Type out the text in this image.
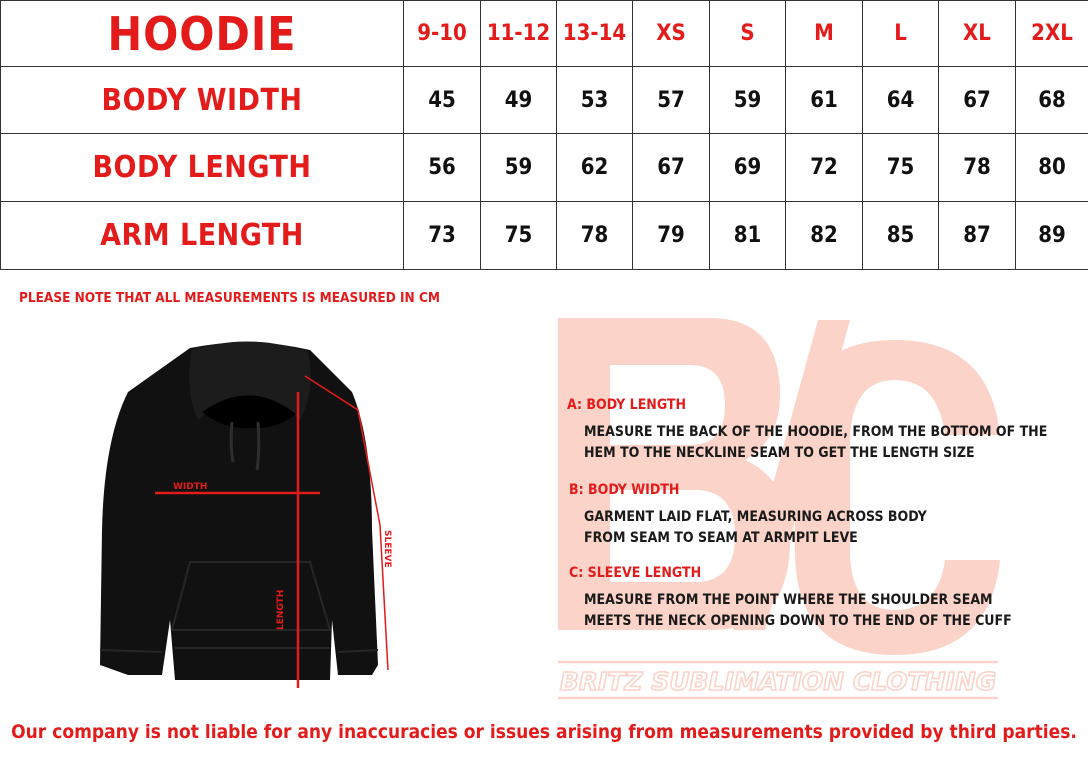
HOODIE	9-10	11-12	13-14	XS	S	M	L	XL	2XL
BODY WIDTH	45	49	53	57	59	61	64	67	68
BODY LENGTH	56	59	62	67	69	72	75	78	80
ARM LENGTH	73	75	78	79	81	82	85	87	89
PLEASE NOTE THAT ALL MEASUREMENTS IS MEASURED IN CM
WIDTH
LENGTH
SLEEVE
BRITZ SUBLIMATION CLOTHING
A: BODY LENGTH
MEASURE THE BACK OF THE HOODIE, FROM THE BOTTOM OF THE
HEM TO THE NECKLINE SEAM TO GET THE LENGTH SIZE
B: BODY WIDTH
GARMENT LAID FLAT, MEASURING ACROSS BODY
FROM SEAM TO SEAM AT ARMPIT LEVE
C: SLEEVE LENGTH
MEASURE FROM THE POINT WHERE THE SHOULDER SEAM
MEETS THE NECK OPENING DOWN TO THE END OF THE CUFF
Our company is not liable for any inaccuracies or issues arising from measurements provided by third parties.
